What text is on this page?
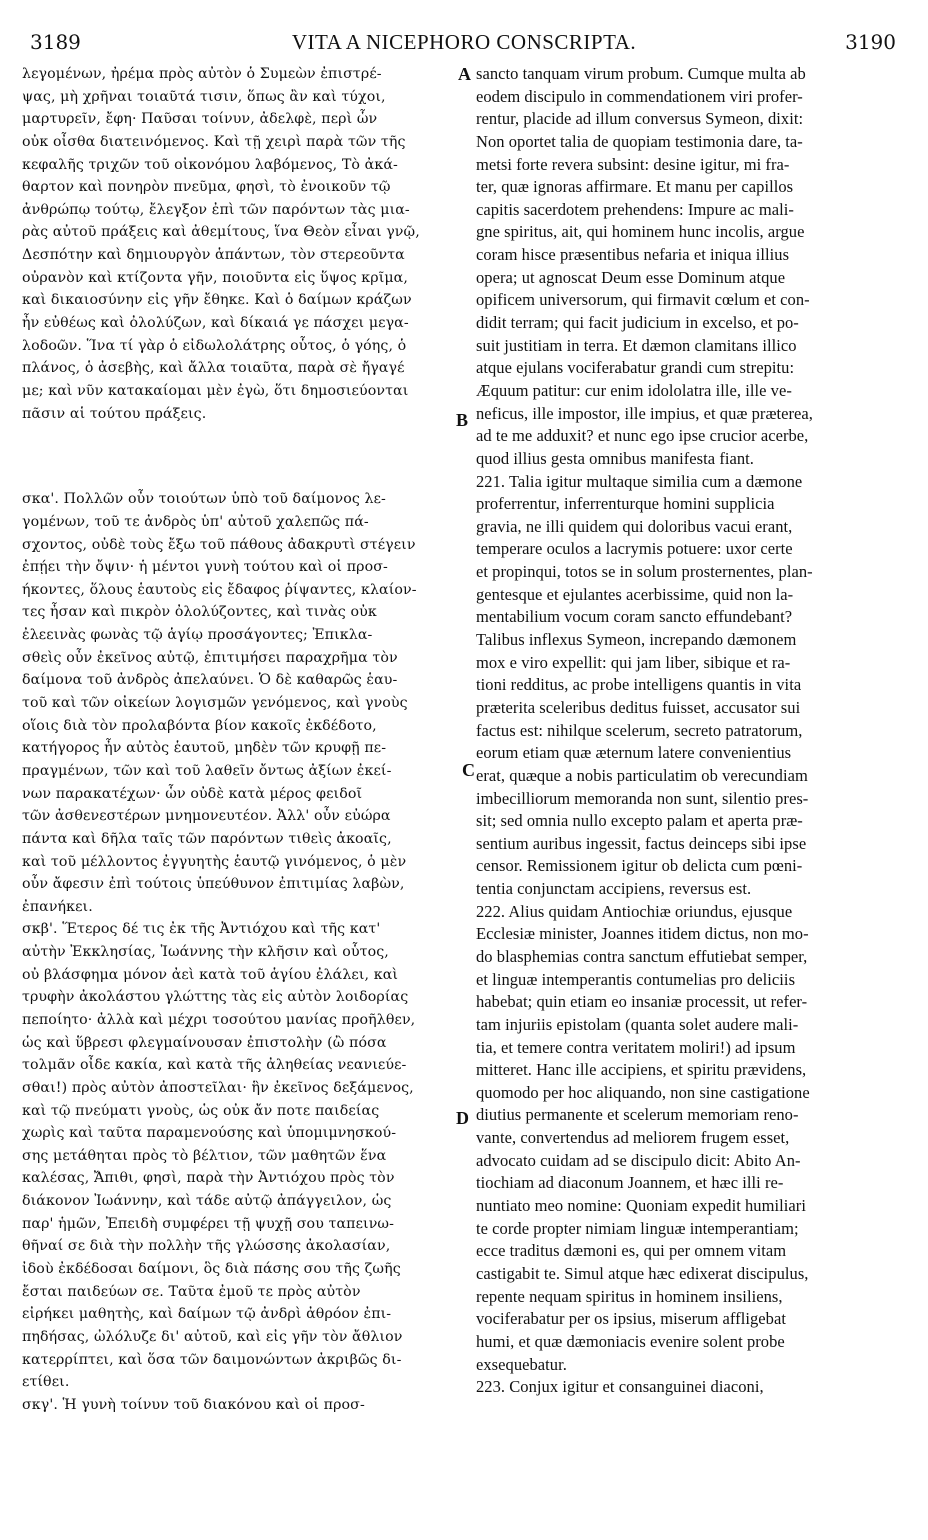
3189	VITA A NICEPHORO CONSCRIPTA.	3190
λεγομένων, ἠρέμα πρὸς αὐτὸν ὁ Συμεὼν ἐπιστρέ-
ψας, μὴ χρῆναι τοιαῦτά τισιν, ὅπως ἂν καὶ τύχοι,
μαρτυρεῖν, ἔφη· Παῦσαι τοίνυν, ἀδελφὲ, περὶ ὧν
οὐκ οἶσθα διατεινόμενος. Καὶ τῇ χειρὶ παρὰ τῶν τῆς
κεφαλῆς τριχῶν τοῦ οἰκονόμου λαβόμενος, Τὸ ἀκά-
θαρτον καὶ πονηρὸν πνεῦμα, φησὶ, τὸ ἐνοικοῦν τῷ
ἀνθρώπῳ τούτῳ, ἔλεγξον ἐπὶ τῶν παρόντων τὰς μια-
ρὰς αὐτοῦ πράξεις καὶ ἀθεμίτους, ἵνα Θεὸν εἶναι γνῷ,
Δεσπότην καὶ δημιουργὸν ἁπάντων, τὸν στερεοῦντα
οὐρανὸν καὶ κτίζοντα γῆν, ποιοῦντα εἰς ὕψος κρῖμα,
καὶ δικαιοσύνην εἰς γῆν ἔθηκε. Καὶ ὁ δαίμων κράζων
ἦν εὐθέως καὶ ὀλολύζων, καὶ δίκαιά γε πάσχει μεγα-
λοδοῶν. Ἵνα τί γὰρ ὁ εἰδωλολάτρης οὗτος, ὁ γόης, ὁ
πλάνος, ὁ ἀσεβὴς, καὶ ἄλλα τοιαῦτα, παρὰ σὲ ἤγαγέ
με; καὶ νῦν κατακαίομαι μὲν ἐγὼ, ὅτι δημοσιεύονται
πᾶσιν αἱ τούτου πράξεις.
σκα'. Πολλῶν οὖν τοιούτων ὑπὸ τοῦ δαίμονος λε-
γομένων, τοῦ τε ἀνδρὸς ὑπ' αὐτοῦ χαλεπῶς πά-
σχοντος, οὐδὲ τοὺς ἔξω τοῦ πάθους ἀδακρυτὶ στέγειν
ἐπῄει τὴν ὄψιν· ἡ μέντοι γυνὴ τούτου καὶ οἱ προσ-
ήκοντες, ὅλους ἑαυτοὺς εἰς ἔδαφος ῥίψαντες, κλαίον-
τες ἦσαν καὶ πικρὸν ὀλολύζοντες, καὶ τινὰς οὐκ
ἐλεεινὰς φωνὰς τῷ ἁγίῳ προσάγοντες; Ἐπικλα-
σθεὶς οὖν ἐκεῖνος αὐτῷ, ἐπιτιμήσει παραχρῆμα τὸν
δαίμονα τοῦ ἀνδρὸς ἀπελαύνει. Ὁ δὲ καθαρῶς ἑαυ-
τοῦ καὶ τῶν οἰκείων λογισμῶν γενόμενος, καὶ γνοὺς
οἵοις διὰ τὸν προλαβόντα βίον κακοῖς ἐκδέδοτο,
κατήγορος ἦν αὐτὸς ἑαυτοῦ, μηδὲν τῶν κρυφῇ πε-
πραγμένων, τῶν καὶ τοῦ λαθεῖν ὄντως ἀξίων ἐκεί-
νων παρακατέχων· ὧν οὐδὲ κατὰ μέρος φειδοῖ
τῶν ἀσθενεστέρων μνημονευτέον. Ἀλλ' οὖν εὐώρα
πάντα καὶ δῆλα ταῖς τῶν παρόντων τιθεὶς ἀκοαῖς,
καὶ τοῦ μέλλοντος ἐγγυητὴς ἑαυτῷ γινόμενος, ὁ μὲν
οὖν ἄφεσιν ἐπὶ τούτοις ὑπεύθυνον ἐπιτιμίας λαβὼν,
ἐπανήκει.
σκβ'. Ἕτερος δέ τις ἐκ τῆς Ἀντιόχου καὶ τῆς κατ'
αὐτὴν Ἐκκλησίας, Ἰωάννης τὴν κλῆσιν καὶ οὗτος,
οὐ βλάσφημα μόνον ἀεὶ κατὰ τοῦ ἁγίου ἐλάλει, καὶ
τρυφὴν ἀκολάστου γλώττης τὰς εἰς αὐτὸν λοιδορίας
πεποίητο· ἀλλὰ καὶ μέχρι τοσούτου μανίας προῆλθεν,
ὡς καὶ ὕβρεσι φλεγμαίνουσαν ἐπιστολὴν (ὢ πόσα
τολμᾶν οἶδε κακία, καὶ κατὰ τῆς ἀληθείας νεανιεύε-
σθαι!) πρὸς αὐτὸν ἀποστεῖλαι· ἣν ἐκεῖνος δεξάμενος,
καὶ τῷ πνεύματι γνοὺς, ὡς οὐκ ἄν ποτε παιδείας
χωρὶς καὶ ταῦτα παραμενούσης καὶ ὑπομιμνησκού-
σης μετάθηται πρὸς τὸ βέλτιον, τῶν μαθητῶν ἕνα
καλέσας, Ἄπιθι, φησὶ, παρὰ τὴν Ἀντιόχου πρὸς τὸν
διάκονον Ἰωάννην, καὶ τάδε αὐτῷ ἀπάγγειλον, ὡς
παρ' ἡμῶν, Ἐπειδὴ συμφέρει τῇ ψυχῇ σου ταπεινω-
θῆναί σε διὰ τὴν πολλὴν τῆς γλώσσης ἀκολασίαν,
ἰδοὺ ἐκδέδοσαι δαίμονι, ὃς διὰ πάσης σου τῆς ζωῆς
ἔσται παιδεύων σε. Ταῦτα ἐμοῦ τε πρὸς αὐτὸν
εἰρήκει μαθητὴς, καὶ δαίμων τῷ ἀνδρὶ ἀθρόον ἐπι-
πηδήσας, ὠλόλυζε δι' αὐτοῦ, καὶ εἰς γῆν τὸν ἄθλιον
κατερρίπτει, καὶ ὅσα τῶν δαιμονώντων ἀκριβῶς δι-
ετίθει.
σκγ'. Ἡ γυνὴ τοίνυν τοῦ διακόνου καὶ οἱ προσ-
sancto tanquam virum probum. Cumque multa ab
eodem discipulo in commendationem viri profer-
rentur, placide ad illum conversus Symeon, dixit:
Non oportet talia de quopiam testimonia dare, ta-
metsi forte revera subsint: desine igitur, mi fra-
ter, quæ ignoras affirmare. Et manu per capillos
capitis sacerdotem prehendens: Impure ac mali-
gne spiritus, ait, qui hominem hunc incolis, argue
coram hisce præsentibus nefaria et iniqua illius
opera; ut agnoscat Deum esse Dominum atque
opificem universorum, qui firmavit cœlum et con-
didit terram; qui facit judicium in excelso, et po-
suit justitiam in terra. Et dæmon clamitans illico
atque ejulans vociferabatur grandi cum strepitu:
Æquum patitur: cur enim idololatra ille, ille ve-
neficus, ille impostor, ille impius, et quæ præterea,
ad te me adduxit? et nunc ego ipse crucior acerbe,
quod illius gesta omnibus manifesta fiant.
221. Talia igitur multaque similia cum a dæmone
proferrentur, inferrenturque homini supplicia
gravia, ne illi quidem qui doloribus vacui erant,
temperare oculos a lacrymis potuere: uxor certe
et propinqui, totos se in solum prosternentes, plan-
gentesque et ejulantes acerbissime, quid non la-
mentabilium vocum coram sancto effundebant?
Talibus inflexus Symeon, increpando dæmonem
mox e viro expellit: qui jam liber, sibique et ra-
tioni redditus, ac probe intelligens quantis in vita
præterita sceleribus deditus fuisset, accusator sui
factus est: nihilque scelerum, secreto patratorum,
eorum etiam quæ æternum latere convenientius
erat, quæque a nobis particulatim ob verecundiam
imbecilliorum memoranda non sunt, silentio pres-
sit; sed omnia nullo excepto palam et aperta præ-
sentium auribus ingessit, factus deinceps sibi ipse
censor. Remissionem igitur ob delicta cum pœni-
tentia conjunctam accipiens, reversus est.
222. Alius quidam Antiochiæ oriundus, ejusque
Ecclesiæ minister, Joannes itidem dictus, non mo-
do blasphemias contra sanctum effutiebat semper,
et linguæ intemperantis contumelias pro deliciis
habebat; quin etiam eo insaniæ processit, ut refer-
tam injuriis epistolam (quanta solet audere mali-
tia, et temere contra veritatem moliri!) ad ipsum
mitteret. Hanc ille accipiens, et spiritu prævidens,
quomodo per hoc aliquando, non sine castigatione
diutius permanente et scelerum memoriam reno-
vante, convertendus ad meliorem frugem esset,
advocato cuidam ad se discipulo dicit: Abito An-
tiochiam ad diaconum Joannem, et hæc illi re-
nuntiato meo nomine: Quoniam expedit humiliari
te corde propter nimiam linguæ intemperantiam;
ecce traditus dæmoni es, qui per omnem vitam
castigabit te. Simul atque hæc edixerat discipulus,
repente nequam spiritus in hominem insiliens,
vociferabatur per os ipsius, miserum affligebat
humi, et quæ dæmoniacis evenire solent probe
exsequebatur.
223. Conjux igitur et consanguinei diaconi,
A
B
C
D
